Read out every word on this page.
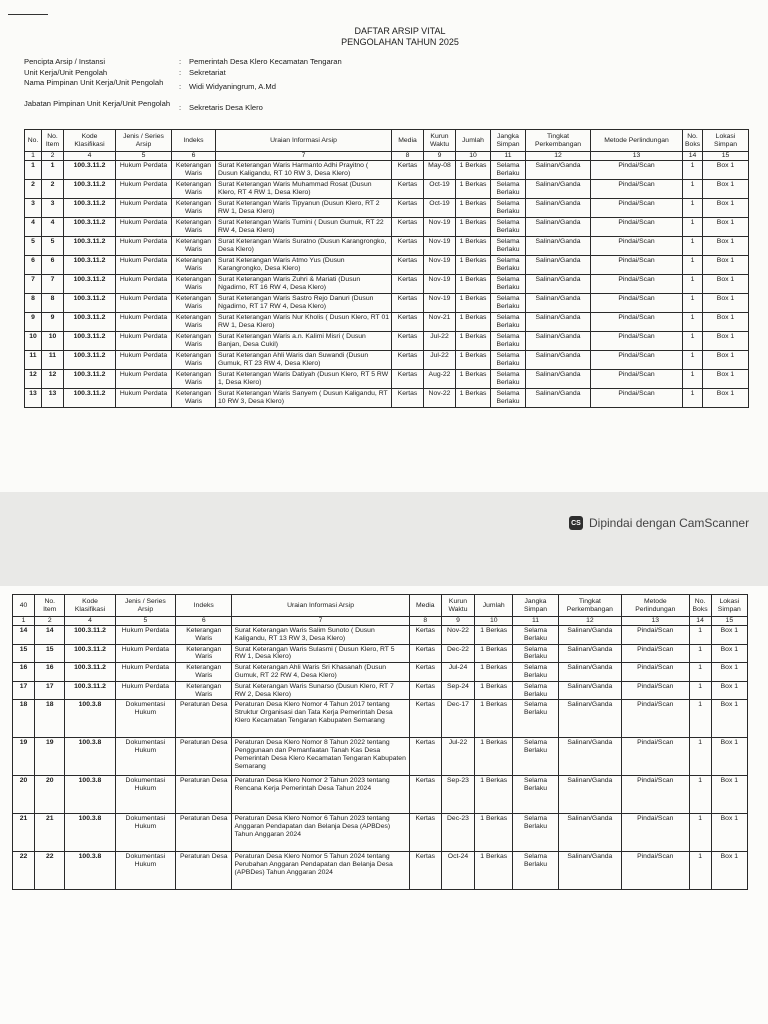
DAFTAR ARSIP VITAL
PENGOLAHAN TAHUN 2025
Pencipta Arsip / Instansi	: Pemerintah Desa Klero Kecamatan Tengaran
Unit Kerja/Unit Pengolah	: Sekretariat
Nama Pimpinan Unit Kerja/Unit Pengolah	: Widi Widyaningrum, A.Md
Jabatan Pimpinan Unit Kerja/Unit Pengolah	: Sekretaris Desa Klero
No.	No. Item	Kode Klasifikasi	Jenis / Series Arsip	Indeks	Uraian Informasi Arsip	Media	Kurun Waktu	Jumlah	Jangka Simpan	Tingkat Perkembangan	Metode Perlindungan	No. Boks	Lokasi Simpan
1	2	4	5	6	7	8	9	10	11	12	13	14	15
1	1	100.3.11.2	Hukum Perdata	Keterangan Waris	Surat Keterangan Waris Harmanto Adhi Prayitno ( Dusun Kaligandu, RT 10 RW 3, Desa Klero)	Kertas	May-08	1 Berkas	Selama Berlaku	Salinan/Ganda	Pindai/Scan	1	Box 1
2	2	100.3.11.2	Hukum Perdata	Keterangan Waris	Surat Keterangan Waris Muhammad Rosat (Dusun Klero, RT 4 RW 1, Desa Klero)	Kertas	Oct-19	1 Berkas	Selama Berlaku	Salinan/Ganda	Pindai/Scan	1	Box 1
3	3	100.3.11.2	Hukum Perdata	Keterangan Waris	Surat Keterangan Waris Tipyanun (Dusun Klero, RT 2 RW 1, Desa Klero)	Kertas	Oct-19	1 Berkas	Selama Berlaku	Salinan/Ganda	Pindai/Scan	1	Box 1
4	4	100.3.11.2	Hukum Perdata	Keterangan Waris	Surat Keterangan Waris Tumini ( Dusun Gumuk, RT 22 RW 4, Desa Klero)	Kertas	Nov-19	1 Berkas	Selama Berlaku	Salinan/Ganda	Pindai/Scan	1	Box 1
5	5	100.3.11.2	Hukum Perdata	Keterangan Waris	Surat Keterangan Waris Suratno (Dusun Karangrongko, Desa Klero)	Kertas	Nov-19	1 Berkas	Selama Berlaku	Salinan/Ganda	Pindai/Scan	1	Box 1
6	6	100.3.11.2	Hukum Perdata	Keterangan Waris	Surat Keterangan Waris Atmo Yus (Dusun Karangrongko, Desa Klero)	Kertas	Nov-19	1 Berkas	Selama Berlaku	Salinan/Ganda	Pindai/Scan	1	Box 1
7	7	100.3.11.2	Hukum Perdata	Keterangan Waris	Surat Keterangan Waris Zuhri & Mariati (Dusun Ngadirno, RT 16 RW 4, Desa Klero)	Kertas	Nov-19	1 Berkas	Selama Berlaku	Salinan/Ganda	Pindai/Scan	1	Box 1
8	8	100.3.11.2	Hukum Perdata	Keterangan Waris	Surat Keterangan Waris Sastro Rejo Danuri (Dusun Ngadirno, RT 17 RW 4, Desa Klero)	Kertas	Nov-19	1 Berkas	Selama Berlaku	Salinan/Ganda	Pindai/Scan	1	Box 1
9	9	100.3.11.2	Hukum Perdata	Keterangan Waris	Surat Keterangan Waris Nur Kholis ( Dusun Klero, RT 01 RW 1, Desa Klero)	Kertas	Nov-21	1 Berkas	Selama Berlaku	Salinan/Ganda	Pindai/Scan	1	Box 1
10	10	100.3.11.2	Hukum Perdata	Keterangan Waris	Surat Keterangan Waris a.n. Kalimi Misri ( Dusun Banjan, Desa Cukil)	Kertas	Jul-22	1 Berkas	Selama Berlaku	Salinan/Ganda	Pindai/Scan	1	Box 1
11	11	100.3.11.2	Hukum Perdata	Keterangan Waris	Surat Keterangan Ahli Waris dan Suwandi (Dusun Gumuk, RT 23 RW 4, Desa Klero)	Kertas	Jul-22	1 Berkas	Selama Berlaku	Salinan/Ganda	Pindai/Scan	1	Box 1
12	12	100.3.11.2	Hukum Perdata	Keterangan Waris	Surat Keterangan Waris Datiyah (Dusun Klero, RT 5 RW 1, Desa Klero)	Kertas	Aug-22	1 Berkas	Selama Berlaku	Salinan/Ganda	Pindai/Scan	1	Box 1
13	13	100.3.11.2	Hukum Perdata	Keterangan Waris	Surat Keterangan Waris Sanyem ( Dusun Kaligandu, RT 10 RW 3, Desa Klero)	Kertas	Nov-22	1 Berkas	Selama Berlaku	Salinan/Ganda	Pindai/Scan	1	Box 1
CS Dipindai dengan CamScanner
40	No. Item	Kode Klasifikasi	Jenis / Series Arsip	Indeks	Uraian Informasi Arsip	Media	Kurun Waktu	Jumlah	Jangka Simpan	Tingkat Perkembangan	Metode Perlindungan	No. Boks	Lokasi Simpan
1	2	4	5	6	7	8	9	10	11	12	13	14	15
14	14	100.3.11.2	Hukum Perdata	Keterangan Waris	Surat Keterangan Waris Salim Sunoto ( Dusun Kaligandu, RT 13 RW 3, Desa Klero)	Kertas	Nov-22	1 Berkas	Selama Berlaku	Salinan/Ganda	Pindai/Scan	1	Box 1
15	15	100.3.11.2	Hukum Perdata	Keterangan Waris	Surat Keterangan Waris Sulasmi ( Dusun Klero, RT 5 RW 1, Desa Klero)	Kertas	Dec-22	1 Berkas	Selama Berlaku	Salinan/Ganda	Pindai/Scan	1	Box 1
16	16	100.3.11.2	Hukum Perdata	Keterangan Waris	Surat Keterangan Ahli Waris Sri Khasanah (Dusun Gumuk, RT 22 RW 4, Desa Klero)	Kertas	Jul-24	1 Berkas	Selama Berlaku	Salinan/Ganda	Pindai/Scan	1	Box 1
17	17	100.3.11.2	Hukum Perdata	Keterangan Waris	Surat Keterangan Waris Sunarso (Dusun Klero, RT 7 RW 2, Desa Klero)	Kertas	Sep-24	1 Berkas	Selama Berlaku	Salinan/Ganda	Pindai/Scan	1	Box 1
18	18	100.3.8	Dokumentasi Hukum	Peraturan Desa	Peraturan Desa Klero Nomor 4 Tahun 2017 tentang Struktur Organisasi dan Tata Kerja Pemerintah Desa Klero Kecamatan Tengaran Kabupaten Semarang	Kertas	Dec-17	1 Berkas	Selama Berlaku	Salinan/Ganda	Pindai/Scan	1	Box 1
19	19	100.3.8	Dokumentasi Hukum	Peraturan Desa	Peraturan Desa Klero Nomor 8 Tahun 2022 tentang Penggunaan dan Pemanfaatan Tanah Kas Desa Pemerintah Desa Klero Kecamatan Tengaran Kabupaten Semarang	Kertas	Jul-22	1 Berkas	Selama Berlaku	Salinan/Ganda	Pindai/Scan	1	Box 1
20	20	100.3.8	Dokumentasi Hukum	Peraturan Desa	Peraturan Desa Klero Nomor 2 Tahun 2023 tentang Rencana Kerja Pemerintah Desa Tahun 2024	Kertas	Sep-23	1 Berkas	Selama Berlaku	Salinan/Ganda	Pindai/Scan	1	Box 1
21	21	100.3.8	Dokumentasi Hukum	Peraturan Desa	Peraturan Desa Klero Nomor 6 Tahun 2023 tentang Anggaran Pendapatan dan Belanja Desa (APBDes) Tahun Anggaran 2024	Kertas	Dec-23	1 Berkas	Selama Berlaku	Salinan/Ganda	Pindai/Scan	1	Box 1
22	22	100.3.8	Dokumentasi Hukum	Peraturan Desa	Peraturan Desa Klero Nomor 5 Tahun 2024 tentang Perubahan Anggaran Pendapatan dan Belanja Desa (APBDes) Tahun Anggaran 2024	Kertas	Oct-24	1 Berkas	Selama Berlaku	Salinan/Ganda	Pindai/Scan	1	Box 1
